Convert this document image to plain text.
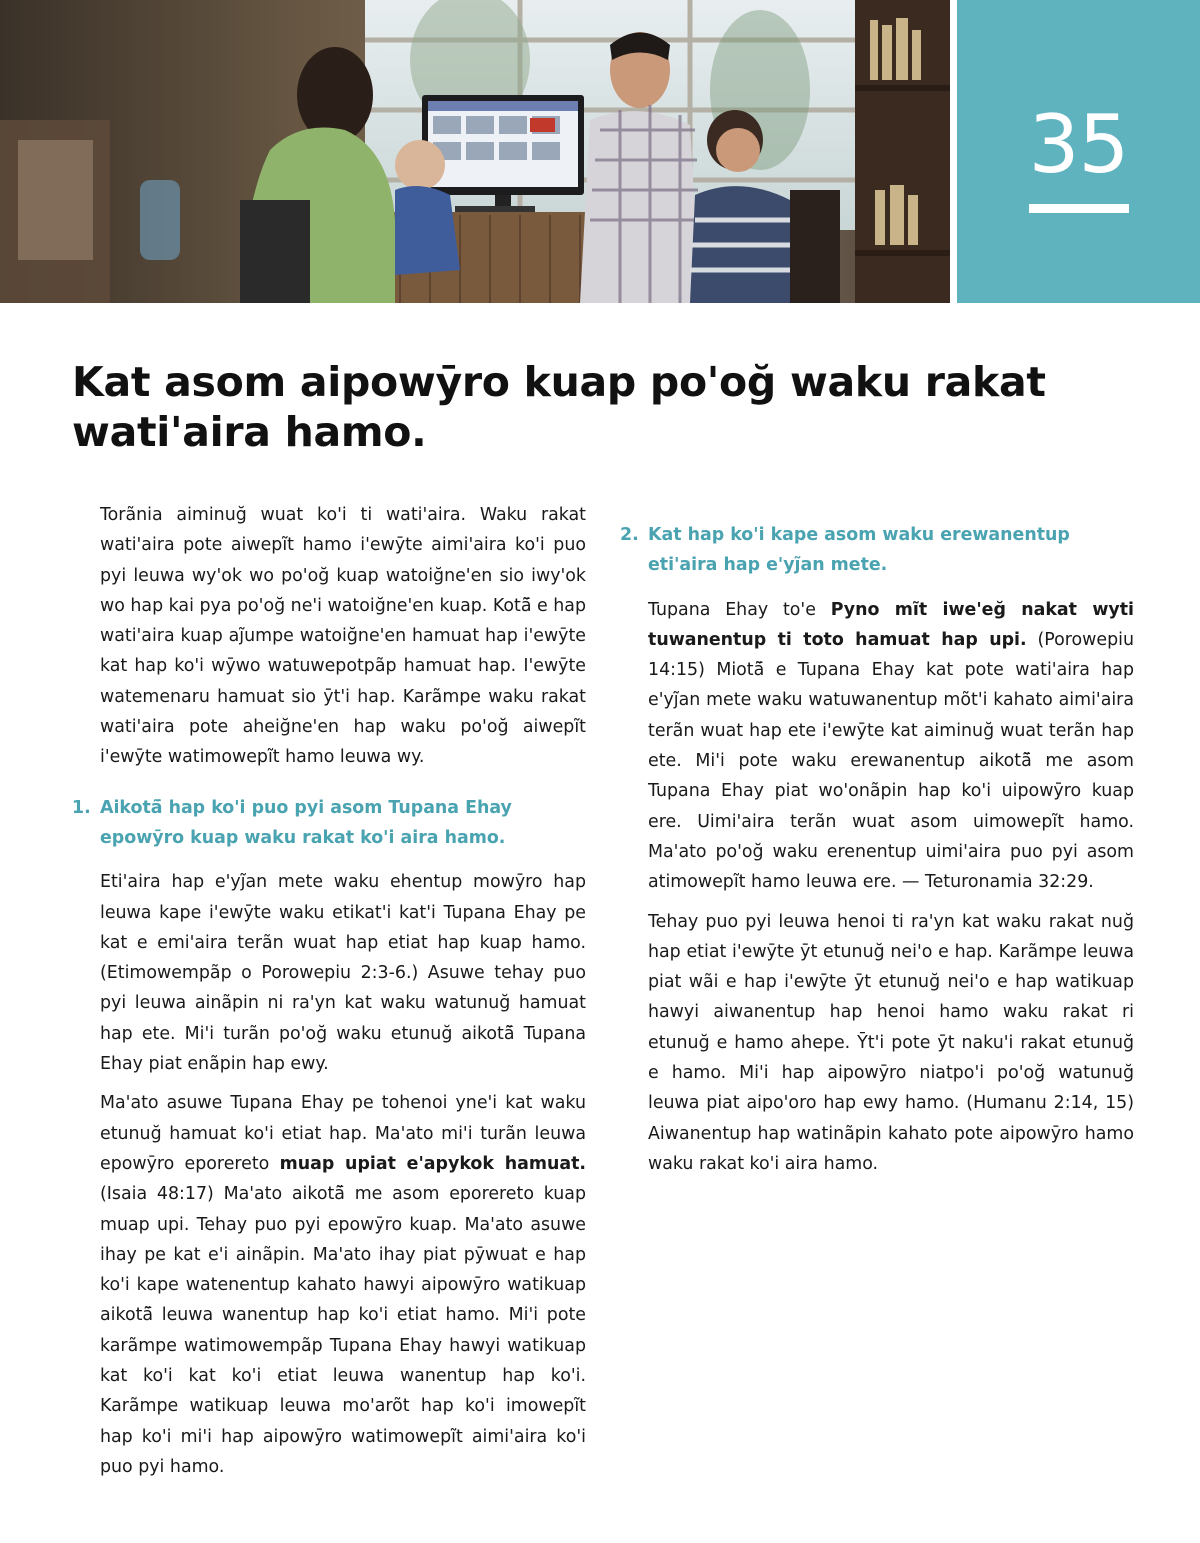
35
Kat asom aipowȳro kuap po'oğ waku rakat wati'aira hamo.

Torãnia aiminuğ wuat ko'i ti wati'aira. Waku rakat wati'aira pote aiwepĩt hamo i'ewȳte aimi'aira ko'i puo pyi leuwa wy'ok wo po'oğ kuap watoiğne'en sio iwy'ok wo hap kai pya po'oğ ne'i watoiğne'en kuap. Kotã̄ e hap wati'aira kuap aj̃umpe watoiğne'en hamuat hap i'ewȳte kat hap ko'i wȳwo watuwepotpãp hamuat hap. I'ewȳte watemenaru hamuat sio ȳt'i hap. Karãmpe waku rakat wati'aira pote aheiğne'en hap waku po'oğ aiwepĩt i'ewȳte watimowepĩt hamo leuwa wy.

1. Aikotã̄ hap ko'i puo pyi asom Tupana Ehay epowȳro kuap waku rakat ko'i aira hamo.

Eti'aira hap e'yj̃an mete waku ehentup mowȳro hap leuwa kape i'ewȳte waku etikat'i kat'i Tupana Ehay pe kat e emi'aira terãn wuat hap etiat hap kuap hamo. (Etimowempãp o Porowepiu 2:3-6.) Asuwe tehay puo pyi leuwa ainãpin ni ra'yn kat waku watunuğ hamuat hap ete. Mi'i turãn po'oğ waku etunuğ aikotã̄ Tupana Ehay piat enãpin hap ewy.

Ma'ato asuwe Tupana Ehay pe tohenoi yne'i kat waku etunuğ hamuat ko'i etiat hap. Ma'ato mi'i turãn leuwa epowȳro eporereto muap upiat e'apykok hamuat. (Isaia 48:17) Ma'ato aikotã̄ me asom eporereto kuap muap upi. Tehay puo pyi epowȳro kuap. Ma'ato asuwe ihay pe kat e'i ainãpin. Ma'ato ihay piat pȳwuat e hap ko'i kape watenentup kahato hawyi aipowȳro watikuap aikotã̄ leuwa wanentup hap ko'i etiat hamo. Mi'i pote karãmpe watimowempãp Tupana Ehay hawyi watikuap kat ko'i kat ko'i etiat leuwa wanentup hap ko'i. Karãmpe watikuap leuwa mo'arõt hap ko'i imowepĩt hap ko'i mi'i hap aipowȳro watimowepĩt aimi'aira ko'i puo pyi hamo.

2. Kat hap ko'i kape asom waku erewanentup eti'aira hap e'yj̃an mete.

Tupana Ehay to'e Pyno mĩt iwe'eğ nakat wyti tuwanentup ti toto hamuat hap upi. (Porowepiu 14:15) Miotã̄ e Tupana Ehay kat pote wati'aira hap e'yj̃an mete waku watuwanentup mõt'i kahato aimi'aira terãn wuat hap ete i'ewȳte kat aiminuğ wuat terãn hap ete. Mi'i pote waku erewanentup aikotã̄ me asom Tupana Ehay piat wo'onãpin hap ko'i uipowȳro kuap ere. Uimi'aira terãn wuat asom uimowepĩt hamo. Ma'ato po'oğ waku erenentup uimi'aira puo pyi asom atimowepĩt hamo leuwa ere. — Teturonamia 32:29.

Tehay puo pyi leuwa henoi ti ra'yn kat waku rakat nuğ hap etiat i'ewȳte ȳt etunuğ nei'o e hap. Karãmpe leuwa piat wãi e hap i'ewȳte ȳt etunuğ nei'o e hap watikuap hawyi aiwanentup hap henoi hamo waku rakat ri etunuğ e hamo ahepe. Ȳt'i pote ȳt naku'i rakat etunuğ e hamo. Mi'i hap aipowȳro niatpo'i po'oğ watunuğ leuwa piat aipo'oro hap ewy hamo. (Humanu 2:14, 15) Aiwanentup hap watinãpin kahato pote aipowȳro hamo waku rakat ko'i aira hamo.
